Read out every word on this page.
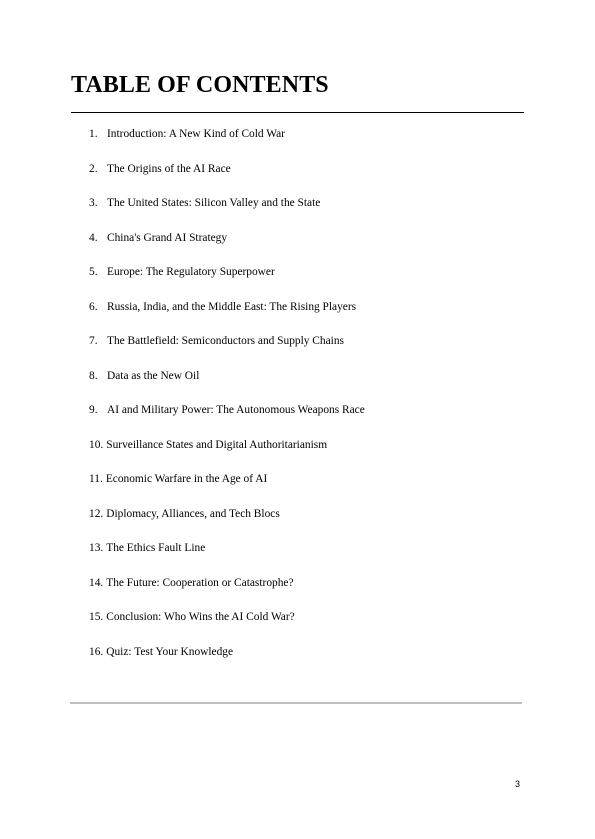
TABLE OF CONTENTS
1. Introduction: A New Kind of Cold War
2. The Origins of the AI Race
3. The United States: Silicon Valley and the State
4. China's Grand AI Strategy
5. Europe: The Regulatory Superpower
6. Russia, India, and the Middle East: The Rising Players
7. The Battlefield: Semiconductors and Supply Chains
8. Data as the New Oil
9. AI and Military Power: The Autonomous Weapons Race
10. Surveillance States and Digital Authoritarianism
11. Economic Warfare in the Age of AI
12. Diplomacy, Alliances, and Tech Blocs
13. The Ethics Fault Line
14. The Future: Cooperation or Catastrophe?
15. Conclusion: Who Wins the AI Cold War?
16. Quiz: Test Your Knowledge
3
